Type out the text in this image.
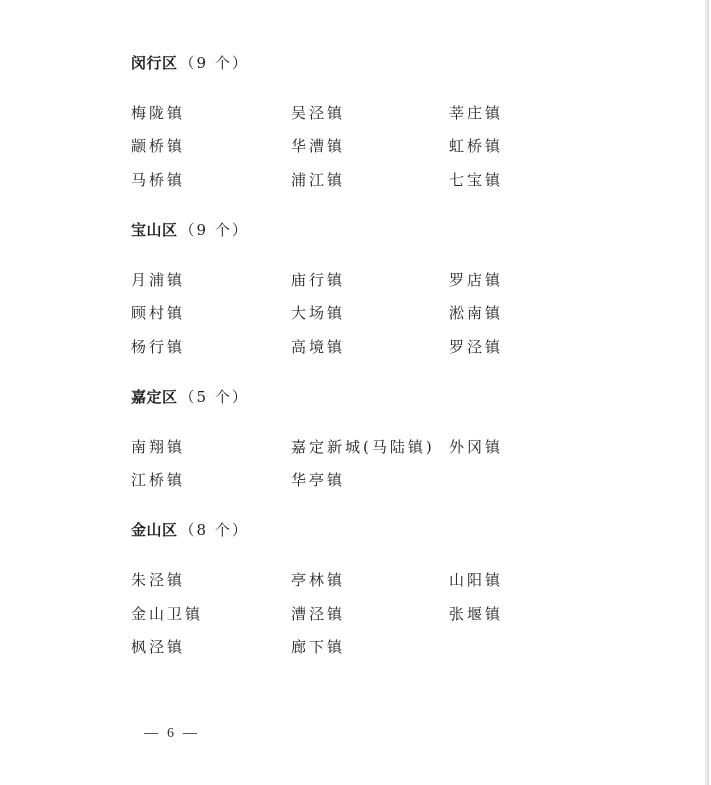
闵行区 （9 个）
梅陇镇	吴泾镇	莘庄镇
颛桥镇	华漕镇	虹桥镇
马桥镇	浦江镇	七宝镇
宝山区 （9 个）
月浦镇	庙行镇	罗店镇
顾村镇	大场镇	淞南镇
杨行镇	高境镇	罗泾镇
嘉定区 （5 个）
南翔镇	嘉定新城(马陆镇) 外冈镇
江桥镇	华亭镇
金山区 （8 个）
朱泾镇	亭林镇	山阳镇
金山卫镇	漕泾镇	张堰镇
枫泾镇	廊下镇
6
